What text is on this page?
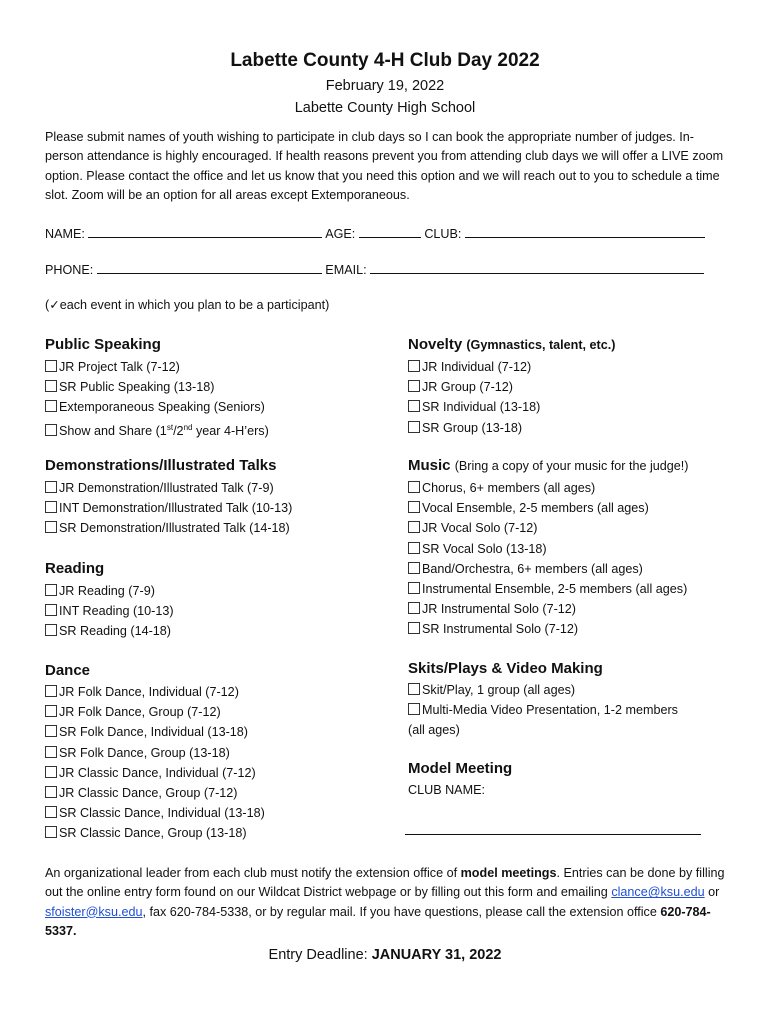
Labette County 4-H Club Day 2022
February 19, 2022
Labette County High School
Please submit names of youth wishing to participate in club days so I can book the appropriate number of judges. In-person attendance is highly encouraged. If health reasons prevent you from attending club days we will offer a LIVE zoom option. Please contact the office and let us know that you need this option and we will reach out to you to schedule a time slot. Zoom will be an option for all areas except Extemporaneous.
NAME:	AGE:	CLUB:
PHONE:	EMAIL:
(✓each event in which you plan to be a participant)
Public Speaking
JR Project Talk (7-12)
SR Public Speaking (13-18)
Extemporaneous Speaking (Seniors)
Show and Share (1st/2nd year 4-H’ers)
Demonstrations/Illustrated Talks
JR Demonstration/Illustrated Talk (7-9)
INT Demonstration/Illustrated Talk (10-13)
SR Demonstration/Illustrated Talk (14-18)
Reading
JR Reading (7-9)
INT Reading (10-13)
SR Reading (14-18)
Dance
JR Folk Dance, Individual (7-12)
JR Folk Dance, Group (7-12)
SR Folk Dance, Individual (13-18)
SR Folk Dance, Group (13-18)
JR Classic Dance, Individual (7-12)
JR Classic Dance, Group (7-12)
SR Classic Dance, Individual (13-18)
SR Classic Dance, Group (13-18)
Novelty (Gymnastics, talent, etc.)
JR Individual (7-12)
JR Group (7-12)
SR Individual (13-18)
SR Group (13-18)
Music (Bring a copy of your music for the judge!)
Chorus, 6+ members (all ages)
Vocal Ensemble, 2-5 members (all ages)
JR Vocal Solo (7-12)
SR Vocal Solo (13-18)
Band/Orchestra, 6+ members (all ages)
Instrumental Ensemble, 2-5 members (all ages)
JR Instrumental Solo (7-12)
SR Instrumental Solo (7-12)
Skits/Plays & Video Making
Skit/Play, 1 group (all ages)
Multi-Media Video Presentation, 1-2 members
(all ages)
Model Meeting
CLUB NAME:
An organizational leader from each club must notify the extension office of model meetings. Entries can be done by filling out the online entry form found on our Wildcat District webpage or by filling out this form and emailing clance@ksu.edu or sfoister@ksu.edu, fax 620-784-5338, or by regular mail. If you have questions, please call the extension office 620-784-5337.
Entry Deadline: JANUARY 31, 2022
